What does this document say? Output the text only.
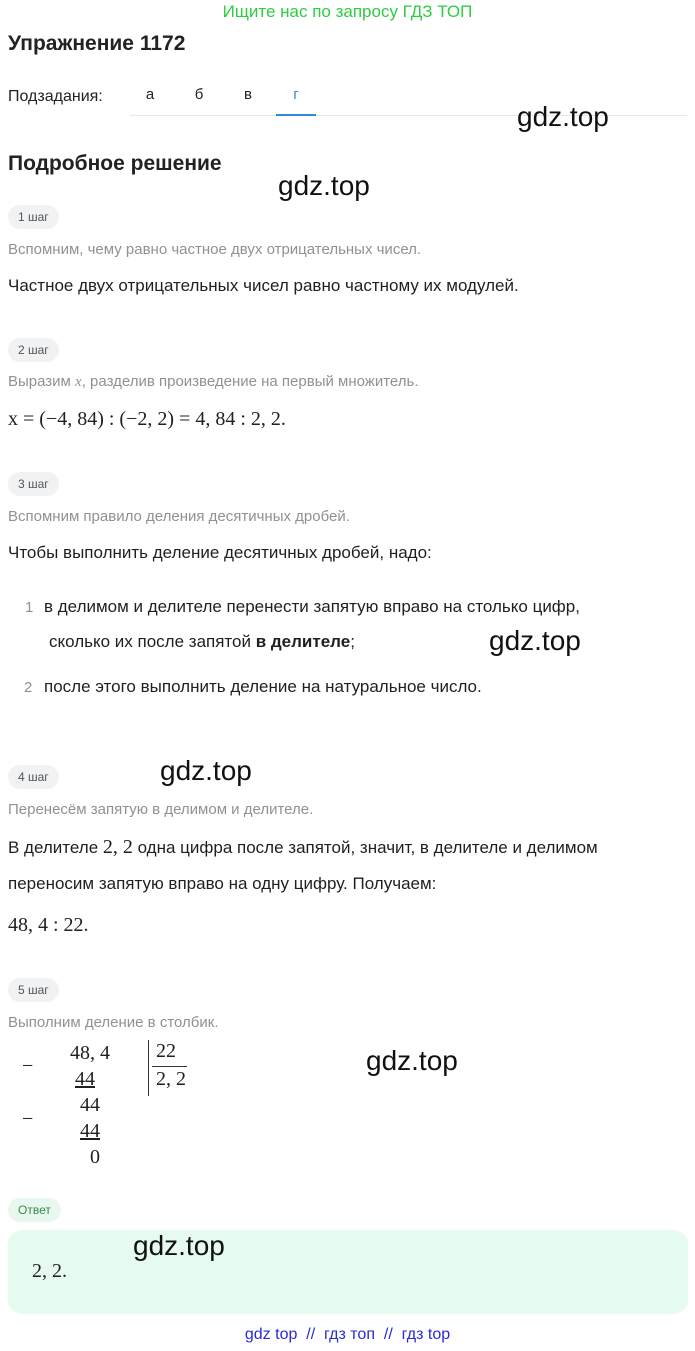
Ищите нас по запросу ГДЗ ТОП
Упражнение 1172
Подзадания:	а	б	в	г
gdz.top
Подробное решение
gdz.top
1 шаг
Вспомним, чему равно частное двух отрицательных чисел.
Частное двух отрицательных чисел равно частному их модулей.
2 шаг
Выразим x, разделив произведение на первый множитель.
x = (−4, 84) : (−2, 2) = 4, 84 : 2, 2.
3 шаг
Вспомним правило деления десятичных дробей.
Чтобы выполнить деление десятичных дробей, надо:
1 в делимом и делителе перенести запятую вправо на столько цифр,
сколько их после запятой в делителе;	gdz.top
2 после этого выполнить деление на натуральное число.
4 шаг	gdz.top
Перенесём запятую в делимом и делителе.
В делителе 2, 2 одна цифра после запятой, значит, в делителе и делимом
переносим запятую вправо на одну цифру. Получаем:
48, 4 : 22.
5 шаг
Выполним деление в столбик.
−
48, 4 22
44	2, 2
−
44
44
0
gdz.top
Ответ
2, 2.
gdz.top
gdz top  //  гдз топ  //  гдз top
